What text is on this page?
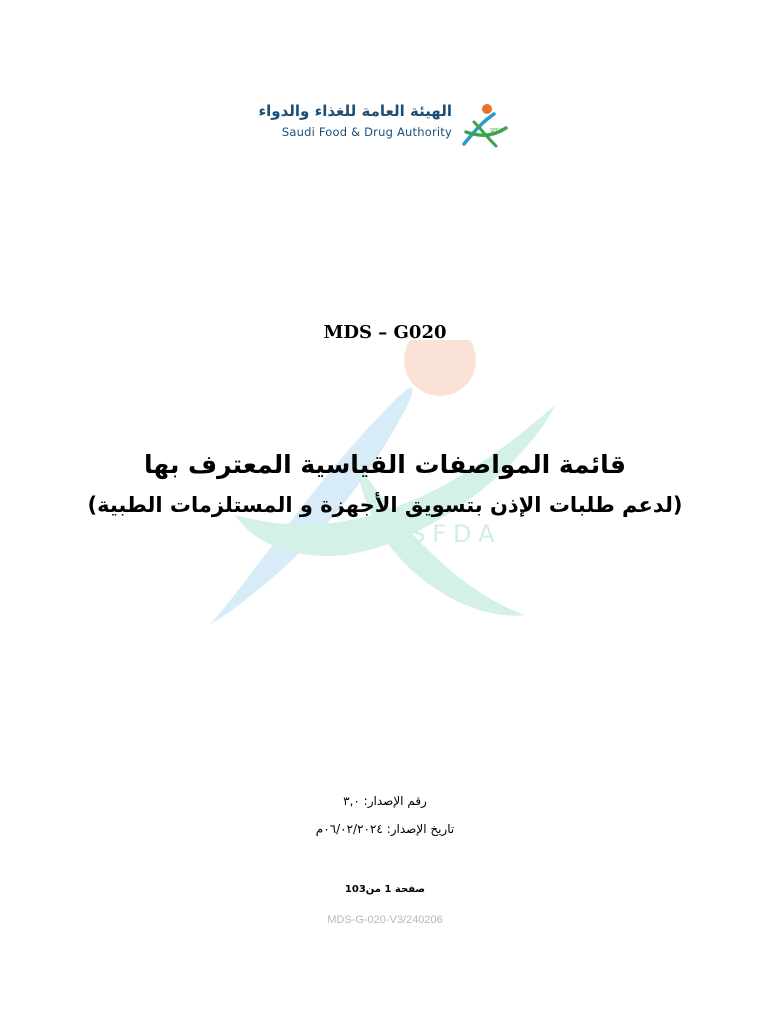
الهيئة العامة للغذاء والدواء
Saudi Food & Drug Authority	SFDA
SFDA
MDS – G020
قائمة المواصفات القياسية المعترف بها
(لدعم طلبات الإذن بتسويق الأجهزة و المستلزمات الطبية)
رقم الإصدار: ٣,٠
تاريخ الإصدار: ٠٦/٠٢/٢٠٢٤م
صفحة 1 من103
MDS-G-020-V3/240206
